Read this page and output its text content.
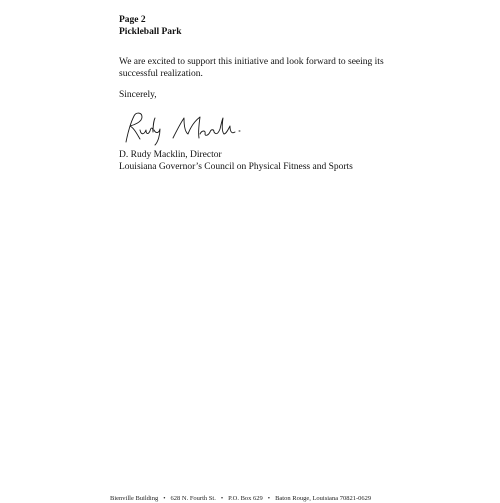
Page 2
Pickleball Park
We are excited to support this initiative and look forward to seeing its successful realization.
Sincerely,
D. Rudy Macklin, Director
Louisiana Governor’s Council on Physical Fitness and Sports
Bienville Building • 628 N. Fourth St. • P.O. Box 629 • Baton Rouge, Louisiana 70821-0629
